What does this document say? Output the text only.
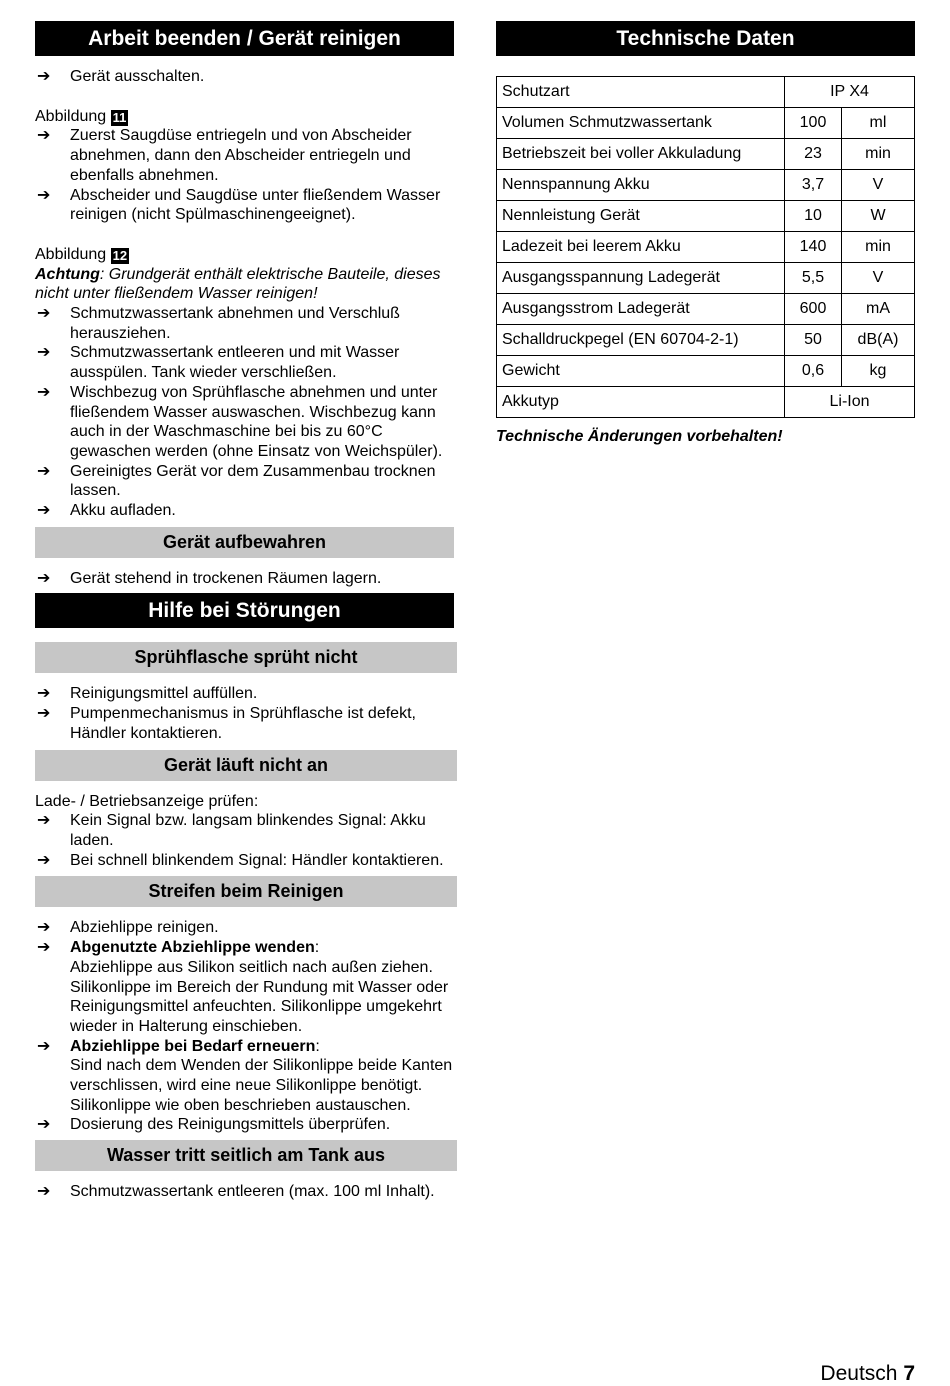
Arbeit beenden / Gerät reinigen
➔ Gerät ausschalten.
Abbildung 11
➔ Zuerst Saugdüse entriegeln und von Abscheider abnehmen, dann den Abscheider entriegeln und ebenfalls abnehmen.
➔ Abscheider und Saugdüse unter fließendem Wasser reinigen (nicht Spülmaschinengeeignet).
Abbildung 12
Achtung: Grundgerät enthält elektrische Bauteile, dieses nicht unter fließendem Wasser reinigen!
➔ Schmutzwassertank abnehmen und Verschluß herausziehen.
➔ Schmutzwassertank entleeren und mit Wasser ausspülen. Tank wieder verschließen.
➔ Wischbezug von Sprühflasche abnehmen und unter fließendem Wasser auswaschen. Wischbezug kann auch in der Waschmaschine bei bis zu 60°C gewaschen werden (ohne Einsatz von Weichspüler).
➔ Gereinigtes Gerät vor dem Zusammenbau trocknen lassen.
➔ Akku aufladen.
Gerät aufbewahren
➔ Gerät stehend in trockenen Räumen lagern.
Hilfe bei Störungen
Sprühflasche sprüht nicht
➔ Reinigungsmittel auffüllen.
➔ Pumpenmechanismus in Sprühflasche ist defekt, Händler kontaktieren.
Gerät läuft nicht an
Lade- / Betriebsanzeige prüfen:
➔ Kein Signal bzw. langsam blinkendes Signal: Akku laden.
➔ Bei schnell blinkendem Signal: Händler kontaktieren.
Streifen beim Reinigen
➔ Abziehlippe reinigen.
➔ Abgenutzte Abziehlippe wenden:
Abziehlippe aus Silikon seitlich nach außen ziehen. Silikonlippe im Bereich der Rundung mit Wasser oder Reinigungsmittel anfeuchten. Silikonlippe umgekehrt wieder in Halterung einschieben.
➔ Abziehlippe bei Bedarf erneuern:
Sind nach dem Wenden der Silikonlippe beide Kanten verschlissen, wird eine neue Silikonlippe benötigt. Silikonlippe wie oben beschrieben austauschen.
➔ Dosierung des Reinigungsmittels überprüfen.
Wasser tritt seitlich am Tank aus
➔ Schmutzwassertank entleeren (max. 100 ml Inhalt).
Technische Daten
Schutzart	IP X4	
Volumen Schmutzwassertank	100	ml
Betriebszeit bei voller Akkuladung	23	min
Nennspannung Akku	3,7	V
Nennleistung Gerät	10	W
Ladezeit bei leerem Akku	140	min
Ausgangsspannung Ladegerät	5,5	V
Ausgangsstrom Ladegerät	600	mA
Schalldruckpegel (EN 60704-2-1)	50	dB(A)
Gewicht	0,6	kg
Akkutyp	Li-Ion	
Technische Änderungen vorbehalten!
Deutsch 7
